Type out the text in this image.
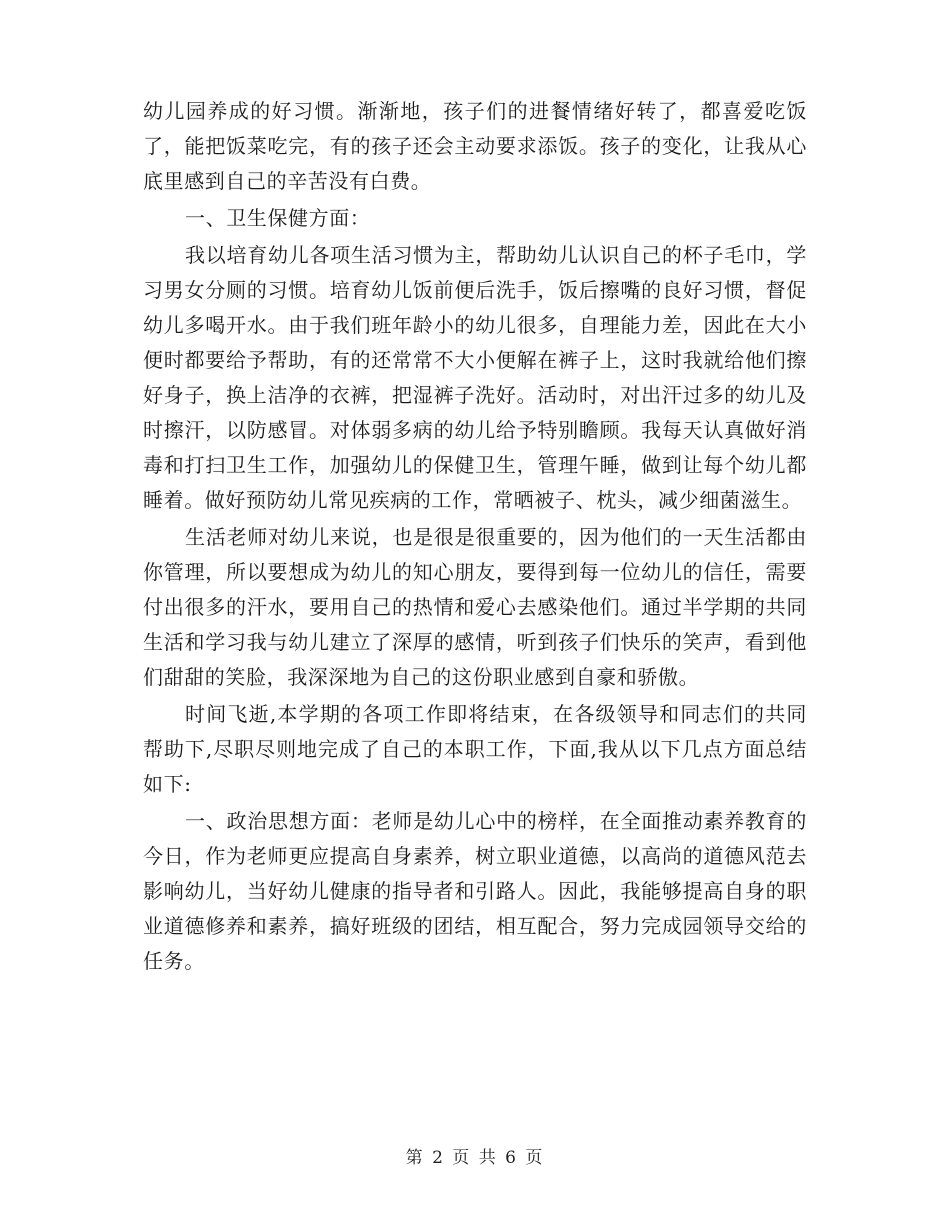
幼儿园养成的好习惯。渐渐地，孩子们的进餐情绪好转了，都喜爱吃饭了，能把饭菜吃完，有的孩子还会主动要求添饭。孩子的变化，让我从心底里感到自己的辛苦没有白费。

一、卫生保健方面：

我以培育幼儿各项生活习惯为主，帮助幼儿认识自己的杯子毛巾，学习男女分厕的习惯。培育幼儿饭前便后洗手，饭后擦嘴的良好习惯，督促幼儿多喝开水。由于我们班年龄小的幼儿很多，自理能力差，因此在大小便时都要给予帮助，有的还常常不大小便解在裤子上，这时我就给他们擦好身子，换上洁净的衣裤，把湿裤子洗好。活动时，对出汗过多的幼儿及时擦汗，以防感冒。对体弱多病的幼儿给予特别瞻顾。我每天认真做好消毒和打扫卫生工作，加强幼儿的保健卫生，管理午睡，做到让每个幼儿都睡着。做好预防幼儿常见疾病的工作，常晒被子、枕头，减少细菌滋生。

生活老师对幼儿来说，也是很是很重要的，因为他们的一天生活都由你管理，所以要想成为幼儿的知心朋友，要得到每一位幼儿的信任，需要付出很多的汗水，要用自己的热情和爱心去感染他们。通过半学期的共同生活和学习我与幼儿建立了深厚的感情，听到孩子们快乐的笑声，看到他们甜甜的笑脸，我深深地为自己的这份职业感到自豪和骄傲。

时间飞逝,本学期的各项工作即将结束，在各级领导和同志们的共同帮助下,尽职尽则地完成了自己的本职工作，下面,我从以下几点方面总结如下:

一、政治思想方面：老师是幼儿心中的榜样，在全面推动素养教育的今日，作为老师更应提高自身素养，树立职业道德，以高尚的道德风范去影响幼儿，当好幼儿健康的指导者和引路人。因此，我能够提高自身的职业道德修养和素养，搞好班级的团结，相互配合，努力完成园领导交给的任务。

第 2 页 共 6 页
